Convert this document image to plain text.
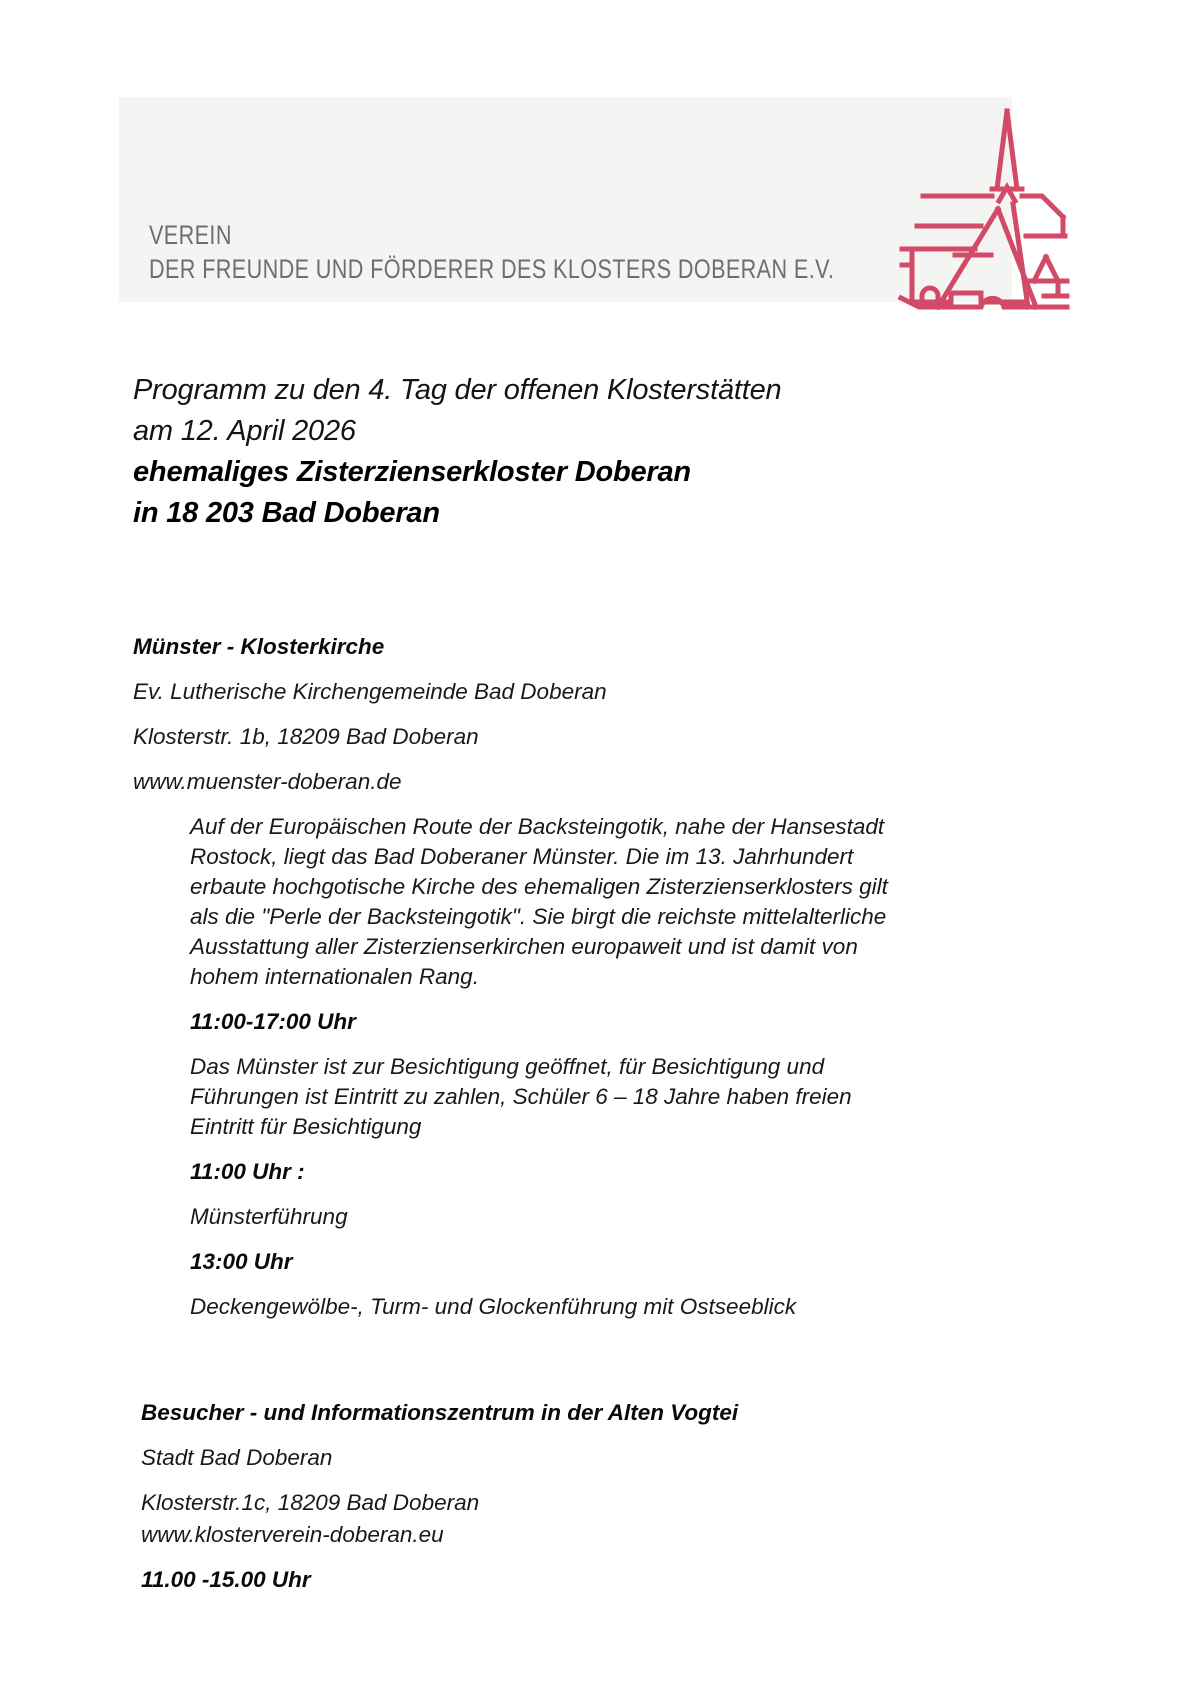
VEREIN
DER FREUNDE UND FÖRDERER DES KLOSTERS DOBERAN E.V.

Programm zu den 4. Tag der offenen Klosterstätten

am 12. April 2026

ehemaliges Zisterzienserkloster Doberan

in 18 203 Bad Doberan

Münster - Klosterkirche

Ev. Lutherische Kirchengemeinde Bad Doberan

Klosterstr. 1b, 18209 Bad Doberan

www.muenster-doberan.de

Auf der Europäischen Route der Backsteingotik, nahe der Hansestadt
Rostock, liegt das Bad Doberaner Münster. Die im 13. Jahrhundert
erbaute hochgotische Kirche des ehemaligen Zisterzienserklosters gilt
als die "Perle der Backsteingotik". Sie birgt die reichste mittelalterliche
Ausstattung aller Zisterzienserkirchen europaweit und ist damit von
hohem internationalen Rang.

11:00-17:00 Uhr

Das Münster ist zur Besichtigung geöffnet, für Besichtigung und
Führungen ist Eintritt zu zahlen, Schüler 6 – 18 Jahre haben freien
Eintritt für Besichtigung

11:00 Uhr :

Münsterführung

13:00 Uhr

Deckengewölbe-, Turm- und Glockenführung mit Ostseeblick

Besucher - und Informationszentrum in der Alten Vogtei

Stadt Bad Doberan

Klosterstr.1c, 18209 Bad Doberan
www.klosterverein-doberan.eu

11.00 -15.00 Uhr
